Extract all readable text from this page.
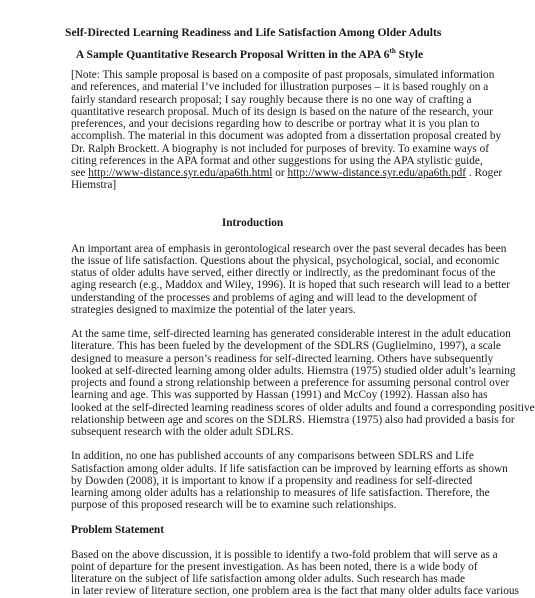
Self-Directed Learning Readiness and Life Satisfaction Among Older Adults
A Sample Quantitative Research Proposal Written in the APA 6th Style
[Note: This sample proposal is based on a composite of past proposals, simulated information
and references, and material I’ve included for illustration purposes – it is based roughly on a
fairly standard research proposal; I say roughly because there is no one way of crafting a
quantitative research proposal. Much of its design is based on the nature of the research, your
preferences, and your decisions regarding how to describe or portray what it is you plan to
accomplish. The material in this document was adopted from a dissertation proposal created by
Dr. Ralph Brockett. A biography is not included for purposes of brevity. To examine ways of
citing references in the APA format and other suggestions for using the APA stylistic guide,
see http://www-distance.syr.edu/apa6th.html or http://www-distance.syr.edu/apa6th.pdf . Roger
Hiemstra]
Introduction
An important area of emphasis in gerontological research over the past several decades has been
the issue of life satisfaction. Questions about the physical, psychological, social, and economic
status of older adults have served, either directly or indirectly, as the predominant focus of the
aging research (e.g., Maddox and Wiley, 1996). It is hoped that such research will lead to a better
understanding of the processes and problems of aging and will lead to the development of
strategies designed to maximize the potential of the later years.
At the same time, self-directed learning has generated considerable interest in the adult education
literature. This has been fueled by the development of the SDLRS (Guglielmino, 1997), a scale
designed to measure a person’s readiness for self-directed learning. Others have subsequently
looked at self-directed learning among older adults. Hiemstra (1975) studied older adult’s learning
projects and found a strong relationship between a preference for assuming personal control over
learning and age. This was supported by Hassan (1991) and McCoy (1992). Hassan also has
looked at the self-directed learning readiness scores of older adults and found a corresponding positive
relationship between age and scores on the SDLRS. Hiemstra (1975) also had provided a basis for
subsequent research with the older adult SDLRS.
In addition, no one has published accounts of any comparisons between SDLRS and Life
Satisfaction among older adults. If life satisfaction can be improved by learning efforts as shown
by Dowden (2008), it is important to know if a propensity and readiness for self-directed
learning among older adults has a relationship to measures of life satisfaction. Therefore, the
purpose of this proposed research will be to examine such relationships.
Problem Statement
Based on the above discussion, it is possible to identify a two-fold problem that will serve as a
point of departure for the present investigation. As has been noted, there is a wide body of
literature on the subject of life satisfaction among older adults. Such research has made
in later review of literature section, one problem area is the fact that many older adults face various
